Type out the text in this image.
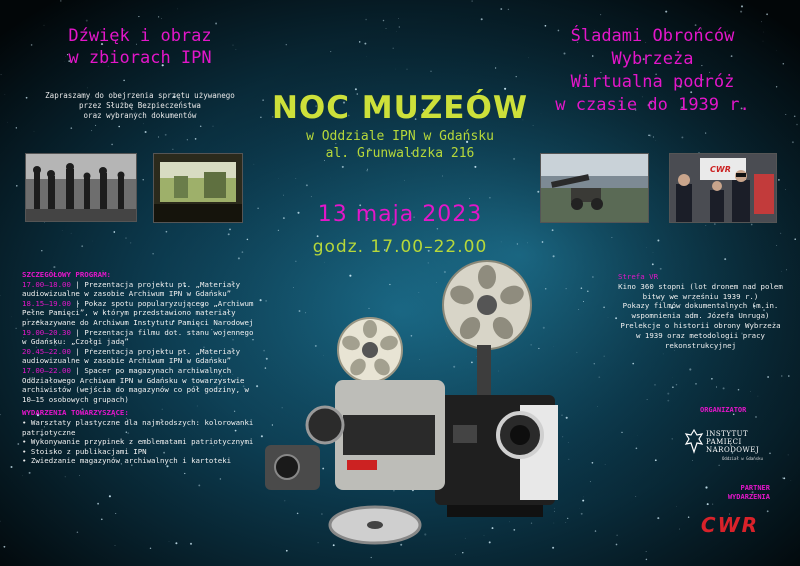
Dźwięk i obraz
w zbiorach IPN
Zapraszamy do obejrzenia sprzętu używanego
przez Służbę Bezpieczeństwa
oraz wybranych dokumentów
Śladami Obrońców
Wybrzeża
Wirtualna podróż
w czasie do 1939 r.
NOC MUZEÓW
w Oddziale IPN w Gdańsku
al. Grunwaldzka 216
13 maja 2023
godz. 17.00–22.00
CWR

SZCZEGÓŁOWY PROGRAM:

17.00–18.00 | Prezentacja projektu pt. „Materiały audiowizualne w zasobie Archiwum IPN w Gdańsku”

18.15–19.00 | Pokaz spotu popularyzującego „Archiwum Pełne Pamięci”, w którym przedstawiono materiały przekazywane do Archiwum Instytutu Pamięci Narodowej

19.00–20.30 | Prezentacja filmu dot. stanu wojennego w Gdańsku: „Czołgi jadą”

20.45–22.00 | Prezentacja projektu pt. „Materiały audiowizualne w zasobie Archiwum IPN w Gdańsku”

17.00–22.00 | Spacer po magazynach archiwalnych Oddziałowego Archiwum IPN w Gdańsku w towarzystwie archiwistów (wejścia do magazynów co pół godziny, w 10–15 osobowych grupach)

WYDARZENIA TOWARZYSZĄCE:

• Warsztaty plastyczne dla najmłodszych: kolorowanki patriotyczne

• Wykonywanie przypinek z emblematami patriotycznymi

• Stoisko z publikacjami IPN

• Zwiedzanie magazynów archiwalnych i kartoteki

Strefa VR
Kino 360 stopni (lot dronem nad polem bitwy we wrześniu 1939 r.)
Pokazy filmów dokumentalnych (m.in. wspomnienia adm. Józefa Unruga)
Prelekcje o historii obrony Wybrzeża w 1939 oraz metodologii pracy rekonstrukcyjnej
ORGANIZATOR
INSTYTUT
PAMIĘCI
NARODOWEJ
Oddział w Gdańsku
PARTNER WYDARZENIA
CWR
